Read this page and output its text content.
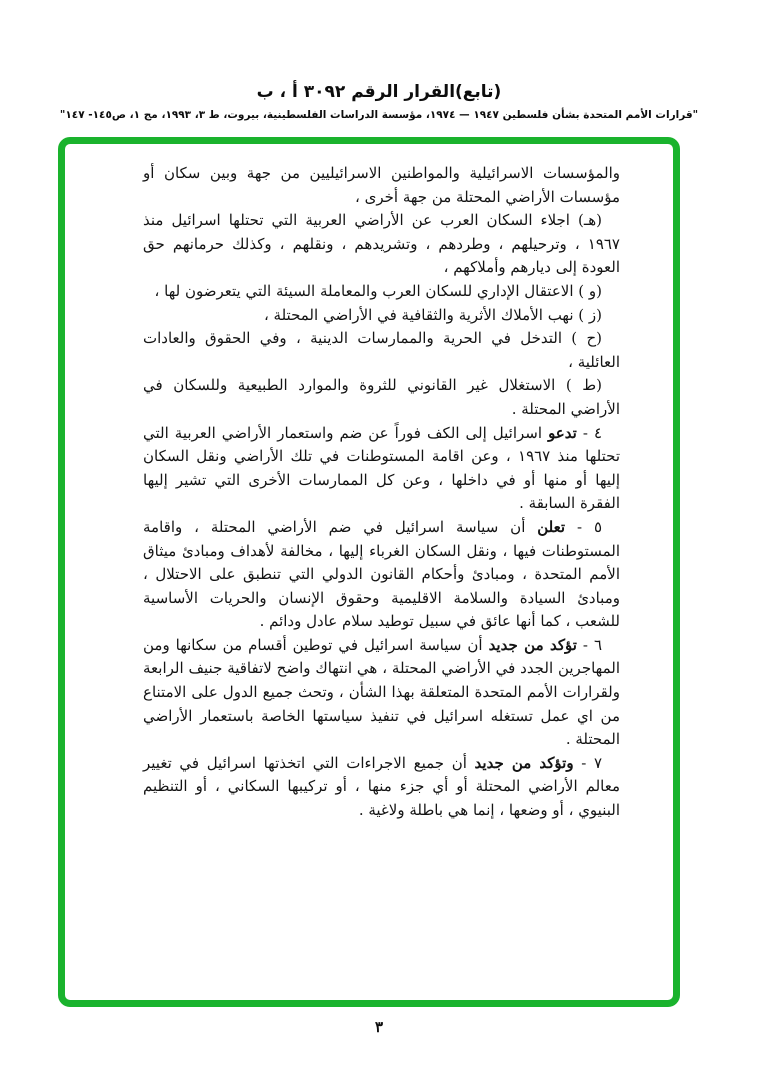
(تابع)القرار الرقم ٣٠٩٢ أ ، ب
"قرارات الأمم المتحدة بشأن فلسطين ١٩٤٧ — ١٩٧٤، مؤسسة الدراسات الفلسطينية، بيروت، ط ٣، ١٩٩٣، مج ١، ص١٤٥- ١٤٧"

والمؤسسات الاسرائيلية والمواطنين الاسرائيليين من جهة وبين سكان أو مؤسسات الأراضي المحتلة من جهة أخرى ،

(هـ) اجلاء السكان العرب عن الأراضي العربية التي تحتلها اسرائيل منذ ١٩٦٧ ، وترحيلهم ، وطردهم ، وتشريدهم ، ونقلهم ، وكذلك حرمانهم حق العودة إلى ديارهم وأملاكهم ،

(و ) الاعتقال الإداري للسكان العرب والمعاملة السيئة التي يتعرضون لها ،

(ز ) نهب الأملاك الأثرية والثقافية في الأراضي المحتلة ،

(ح ) التدخل في الحرية والممارسات الدينية ، وفي الحقوق والعادات العائلية ،

(ط ) الاستغلال غير القانوني للثروة والموارد الطبيعية وللسكان في الأراضي المحتلة .

٤ - تدعو اسرائيل إلى الكف فوراً عن ضم واستعمار الأراضي العربية التي تحتلها منذ ١٩٦٧ ، وعن اقامة المستوطنات في تلك الأراضي ونقل السكان إليها أو منها أو في داخلها ، وعن كل الممارسات الأخرى التي تشير إليها الفقرة السابقة .

٥ - تعلن أن سياسة اسرائيل في ضم الأراضي المحتلة ، واقامة المستوطنات فيها ، ونقل السكان الغرباء إليها ، مخالفة لأهداف ومبادئ ميثاق الأمم المتحدة ، ومبادئ وأحكام القانون الدولي التي تنطبق على الاحتلال ، ومبادئ السيادة والسلامة الاقليمية وحقوق الإنسان والحريات الأساسية للشعب ، كما أنها عائق في سبيل توطيد سلام عادل ودائم .

٦ - تؤكد من جديد أن سياسة اسرائيل في توطين أقسام من سكانها ومن المهاجرين الجدد في الأراضي المحتلة ، هي انتهاك واضح لاتفاقية جنيف الرابعة ولقرارات الأمم المتحدة المتعلقة بهذا الشأن ، وتحث جميع الدول على الامتناع من اي عمل تستغله اسرائيل في تنفيذ سياستها الخاصة باستعمار الأراضي المحتلة .

٧ - وتؤكد من جديد أن جميع الاجراءات التي اتخذتها اسرائيل في تغيير معالم الأراضي المحتلة أو أي جزء منها ، أو تركيبها السكاني ، أو التنظيم البنيوي ، أو وضعها ، إنما هي باطلة ولاغية .

٣
